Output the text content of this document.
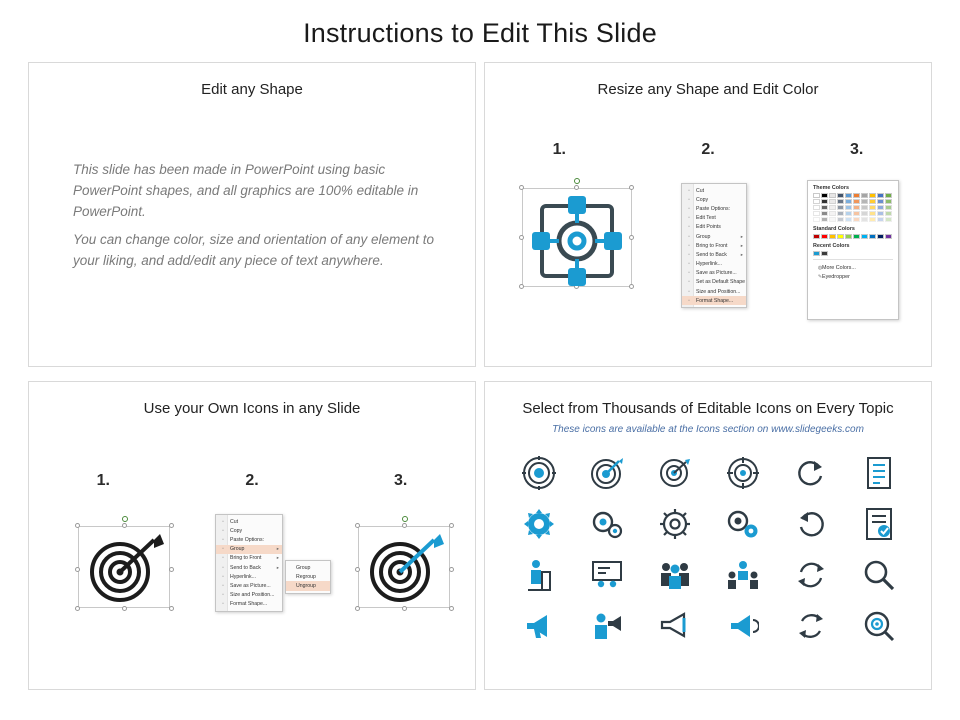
Instructions to Edit This Slide
Edit any Shape
This slide has been made in PowerPoint using basic PowerPoint shapes, and all graphics are 100% editable in PowerPoint.
You can change color, size and orientation of any element to your liking, and add/edit any piece of text anywhere.
Resize any Shape and Edit Color
1.	2.	3.
▫	Cut
▫	Copy
▫	Paste Options:
▫	Edit Text
▫	Edit Points
▫	Group	▸
▫	Bring to Front	▸
▫	Send to Back	▸
▫	Hyperlink...
▫	Save as Picture...
▫	Set as Default Shape
▫	Size and Position...
▫	Format Shape...
Theme Colors
Standard Colors
Recent Colors
◍ More Colors...
✎ Eyedropper
Use your Own Icons in any Slide
1.	2.	3.
▫	Cut
▫	Copy
▫	Paste Options:
▫	Group	▸
▫	Bring to Front	▸
▫	Send to Back	▸
▫	Hyperlink...
▫	Save as Picture...
▫	Size and Position...
▫	Format Shape...
Group
Regroup
Ungroup
Select from Thousands of Editable Icons on Every Topic
These icons are available at the Icons section on www.slidegeeks.com
